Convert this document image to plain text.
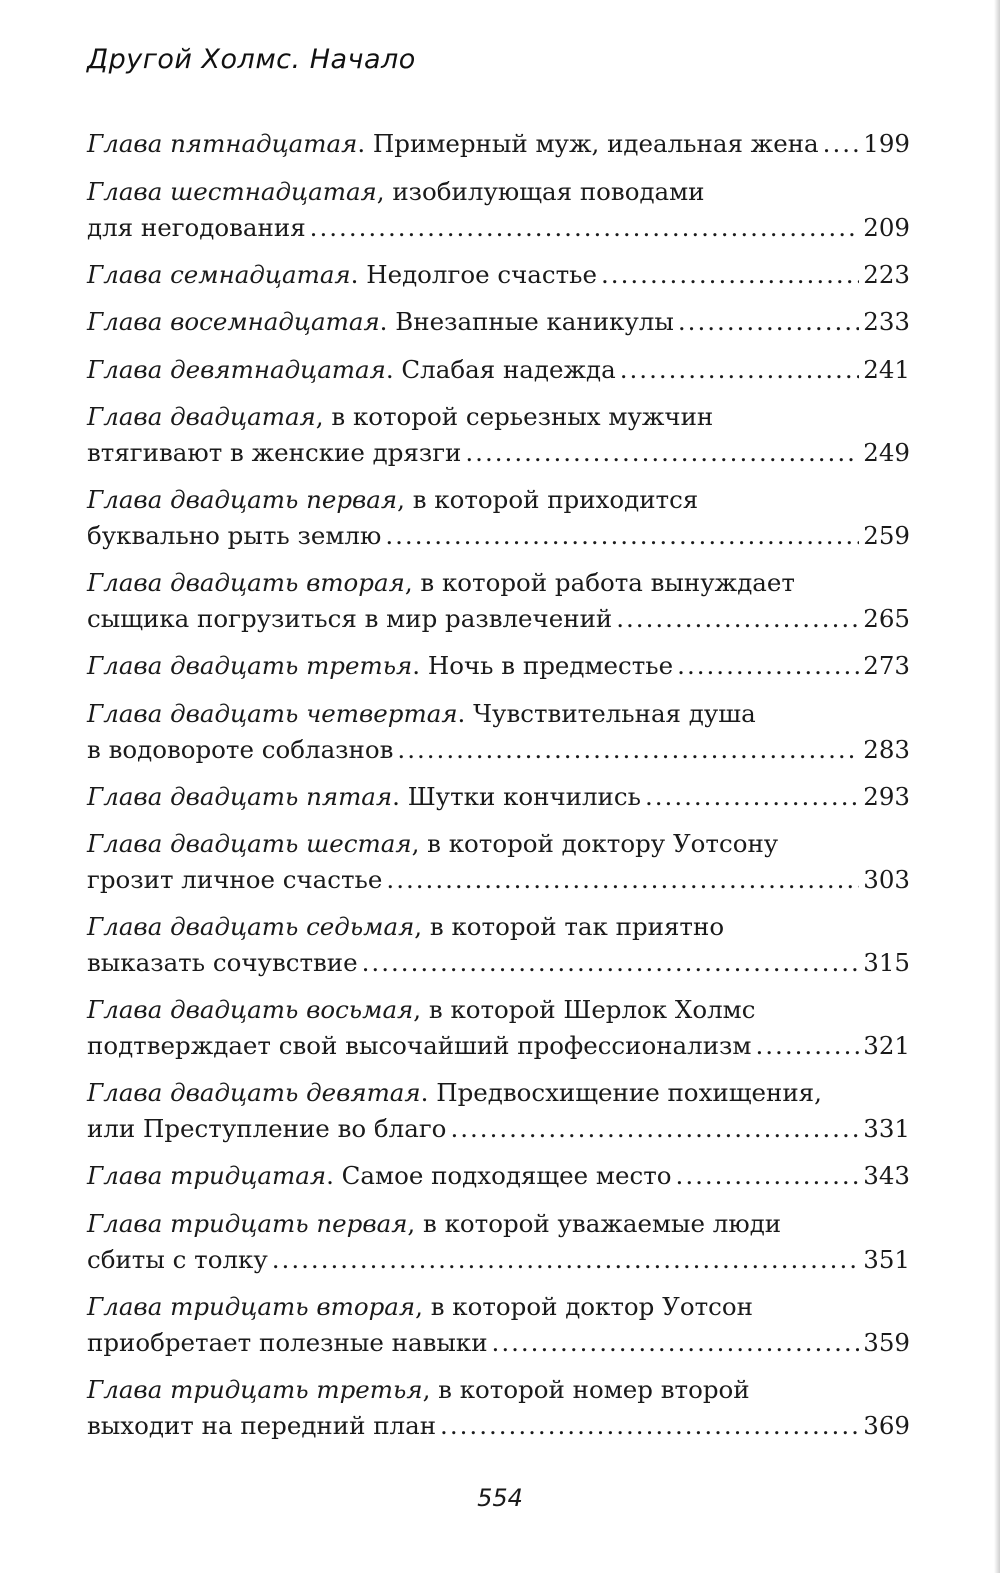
Другой Холмс. Начало
Глава пятнадцатая. Примерный муж, идеальная жена ..... 199
Глава шестнадцатая, изобилующая поводами
для негодования .....	209
Глава семнадцатая. Недолгое счастье .....	223
Глава восемнадцатая. Внезапные каникулы .....	233
Глава девятнадцатая. Слабая надежда .....	241
Глава двадцатая, в которой серьезных мужчин
втягивают в женские дрязги .....	249
Глава двадцать первая, в которой приходится
буквально рыть землю .....	259
Глава двадцать вторая, в которой работа вынуждает
сыщика погрузиться в мир развлечений .....	265
Глава двадцать третья. Ночь в предместье .....	273
Глава двадцать четвертая. Чувствительная душа
в водовороте соблазнов .....	283
Глава двадцать пятая. Шутки кончились .....	293
Глава двадцать шестая, в которой доктору Уотсону
грозит личное счастье .....	303
Глава двадцать седьмая, в которой так приятно
выказать сочувствие .....	315
Глава двадцать восьмая, в которой Шерлок Холмс
подтверждает свой высочайший профессионализм .....	321
Глава двадцать девятая. Предвосхищение похищения,
или Преступление во благо .....	331
Глава тридцатая. Самое подходящее место .....	343
Глава тридцать первая, в которой уважаемые люди
сбиты с толку .....	351
Глава тридцать вторая, в которой доктор Уотсон
приобретает полезные навыки .....	359
Глава тридцать третья, в которой номер второй
выходит на передний план .....	369
554
